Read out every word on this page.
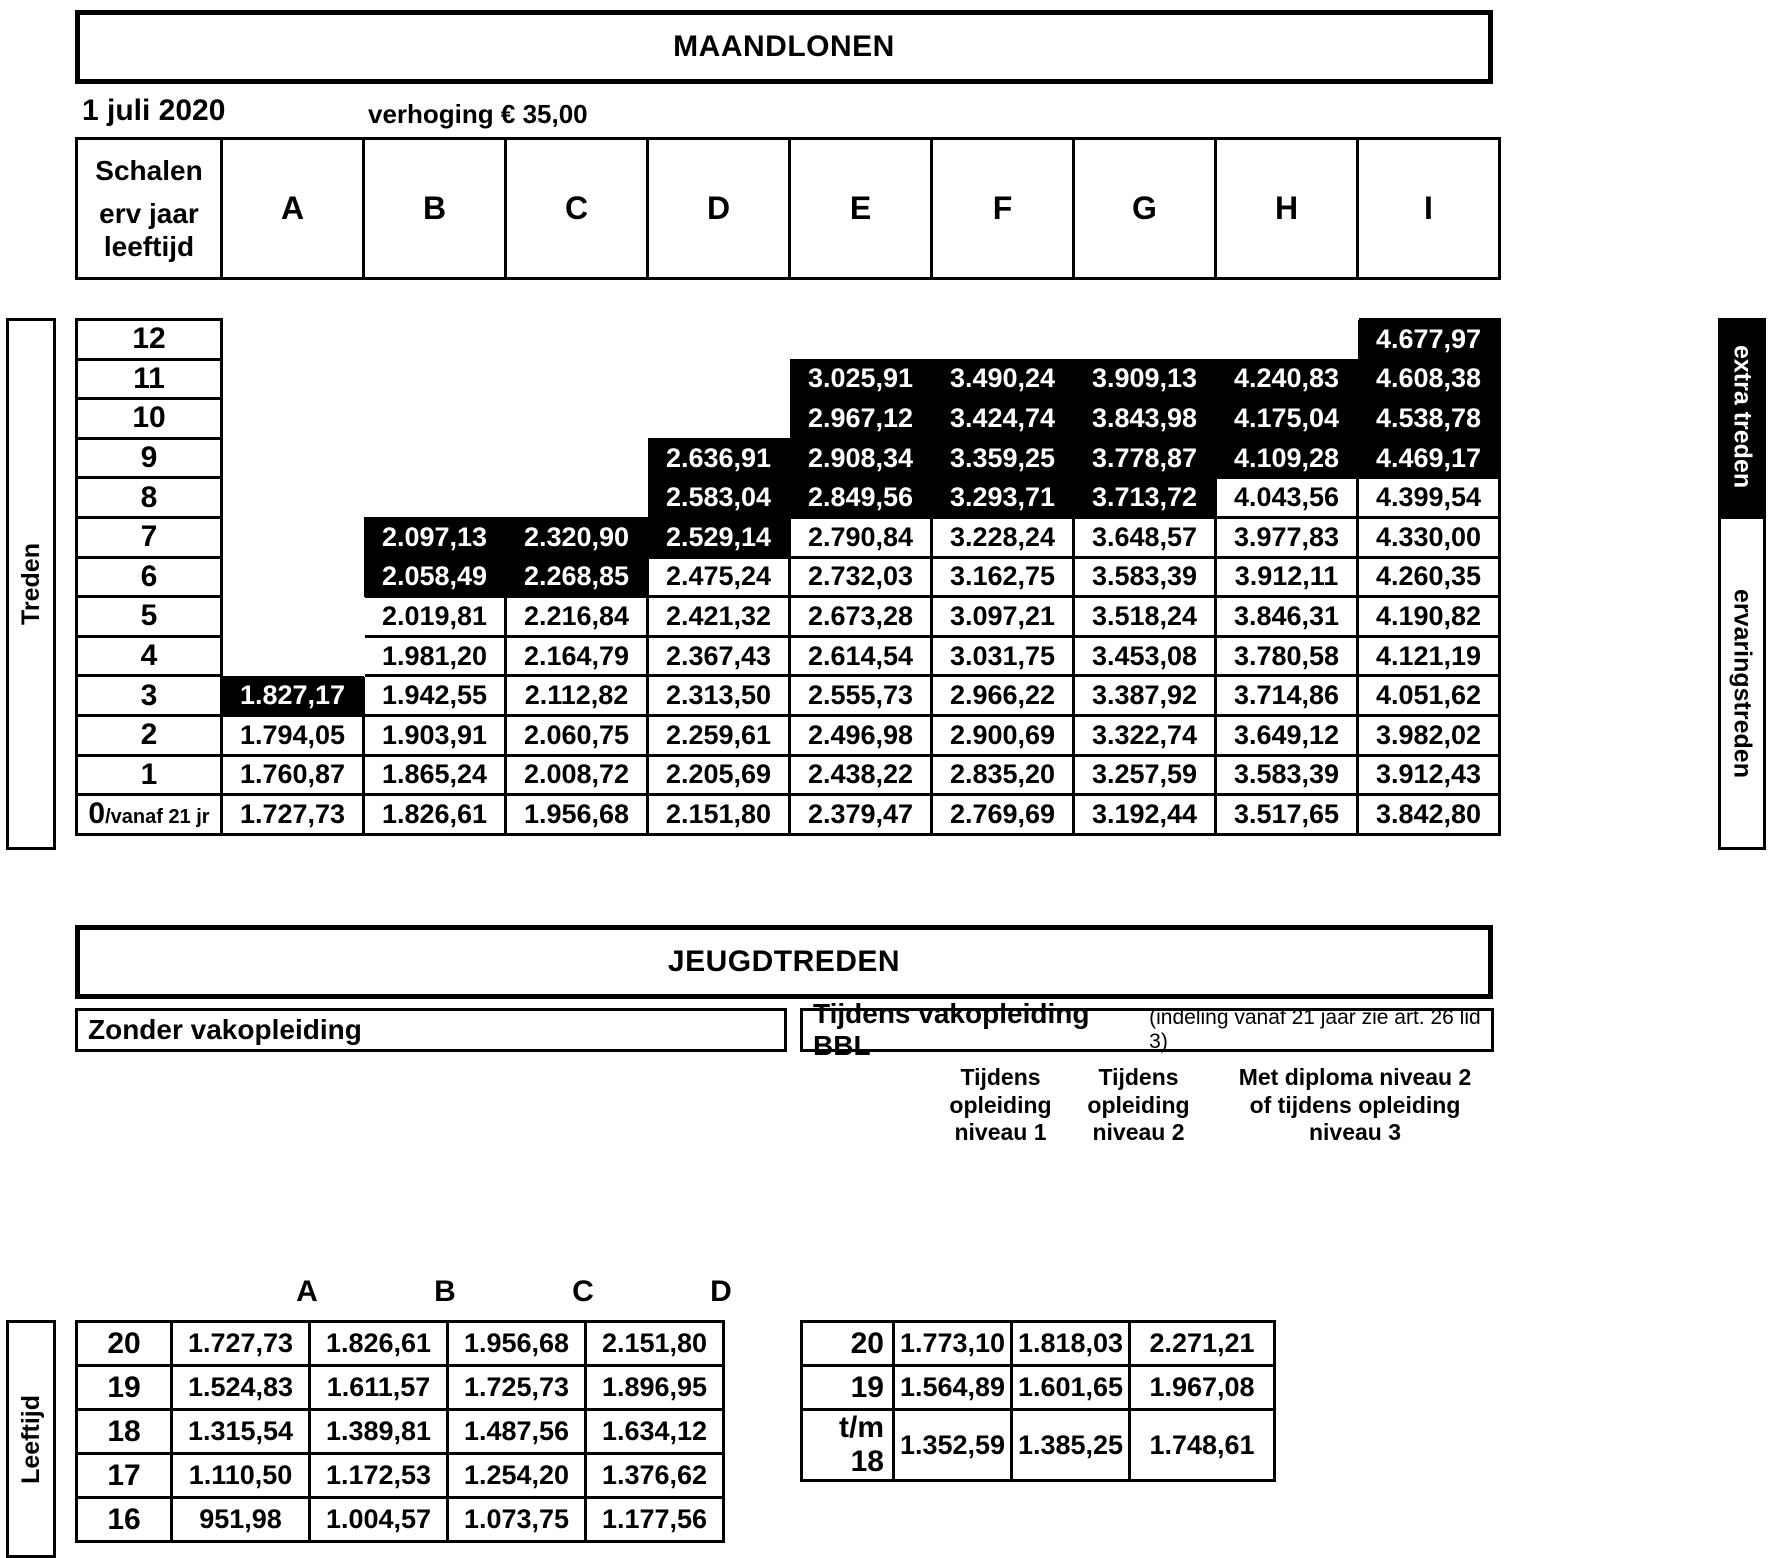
MAANDLONEN
1 juli 2020	verhoging € 35,00
Schalen
erv jaar
leeftijd
	A	B	C	D	E	F	G	H	I
Treden
extra treden
ervaringstreden
12									4.677,97
11					3.025,91	3.490,24	3.909,13	4.240,83	4.608,38
10					2.967,12	3.424,74	3.843,98	4.175,04	4.538,78
9				2.636,91	2.908,34	3.359,25	3.778,87	4.109,28	4.469,17
8				2.583,04	2.849,56	3.293,71	3.713,72	4.043,56	4.399,54
7		2.097,13	2.320,90	2.529,14	2.790,84	3.228,24	3.648,57	3.977,83	4.330,00
6		2.058,49	2.268,85	2.475,24	2.732,03	3.162,75	3.583,39	3.912,11	4.260,35
5		2.019,81	2.216,84	2.421,32	2.673,28	3.097,21	3.518,24	3.846,31	4.190,82
4		1.981,20	2.164,79	2.367,43	2.614,54	3.031,75	3.453,08	3.780,58	4.121,19
3	1.827,17	1.942,55	2.112,82	2.313,50	2.555,73	2.966,22	3.387,92	3.714,86	4.051,62
2	1.794,05	1.903,91	2.060,75	2.259,61	2.496,98	2.900,69	3.322,74	3.649,12	3.982,02
1	1.760,87	1.865,24	2.008,72	2.205,69	2.438,22	2.835,20	3.257,59	3.583,39	3.912,43
0/vanaf 21 jr	1.727,73	1.826,61	1.956,68	2.151,80	2.379,47	2.769,69	3.192,44	3.517,65	3.842,80
JEUGDTREDEN
Zonder vakopleiding
Tijdens vakopleiding BBL
(indeling vanaf 21 jaar zie art. 26 lid 3)
Tijdens
opleiding
niveau 1
Tijdens
opleiding
niveau 2
Met diploma niveau 2
of tijdens opleiding
niveau 3
A	B	C	D
Leeftijd
20	1.727,73	1.826,61	1.956,68	2.151,80
19	1.524,83	1.611,57	1.725,73	1.896,95
18	1.315,54	1.389,81	1.487,56	1.634,12
17	1.110,50	1.172,53	1.254,20	1.376,62
16	951,98	1.004,57	1.073,75	1.177,56
20	1.773,10	1.818,03	2.271,21
19	1.564,89	1.601,65	1.967,08
t/m 18	1.352,59	1.385,25	1.748,61
